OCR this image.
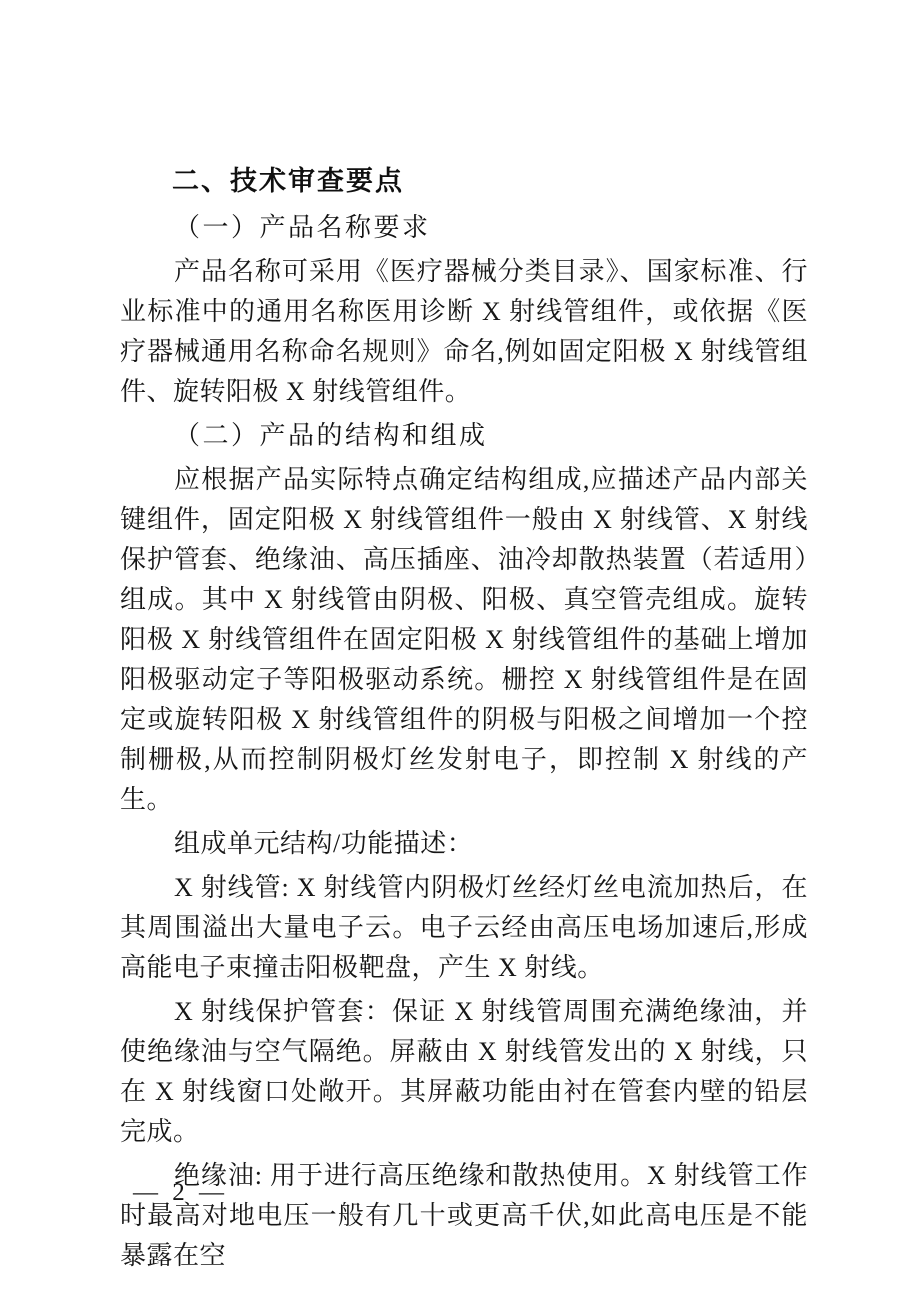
二、技术审查要点

（一）产品名称要求

产品名称可采用《医疗器械分类目录》、国家标准、行业标准中的通用名称医用诊断 X 射线管组件，或依据《医疗器械通用名称命名规则》命名,例如固定阳极 X 射线管组件、旋转阳极 X 射线管组件。

（二）产品的结构和组成

应根据产品实际特点确定结构组成,应描述产品内部关键组件，固定阳极 X 射线管组件一般由 X 射线管、X 射线保护管套、绝缘油、高压插座、油冷却散热装置（若适用）组成。其中 X 射线管由阴极、阳极、真空管壳组成。旋转阳极 X 射线管组件在固定阳极 X 射线管组件的基础上增加阳极驱动定子等阳极驱动系统。栅控 X 射线管组件是在固定或旋转阳极 X 射线管组件的阴极与阳极之间增加一个控制栅极,从而控制阴极灯丝发射电子，即控制 X 射线的产生。

组成单元结构/功能描述：

X 射线管: X 射线管内阴极灯丝经灯丝电流加热后，在其周围溢出大量电子云。电子云经由高压电场加速后,形成高能电子束撞击阳极靶盘，产生 X 射线。

X 射线保护管套：保证 X 射线管周围充满绝缘油，并使绝缘油与空气隔绝。屏蔽由 X 射线管发出的 X 射线，只在 X 射线窗口处敞开。其屏蔽功能由衬在管套内壁的铅层完成。

绝缘油: 用于进行高压绝缘和散热使用。X 射线管工作时最高对地电压一般有几十或更高千伏,如此高电压是不能暴露在空

— 2 —
